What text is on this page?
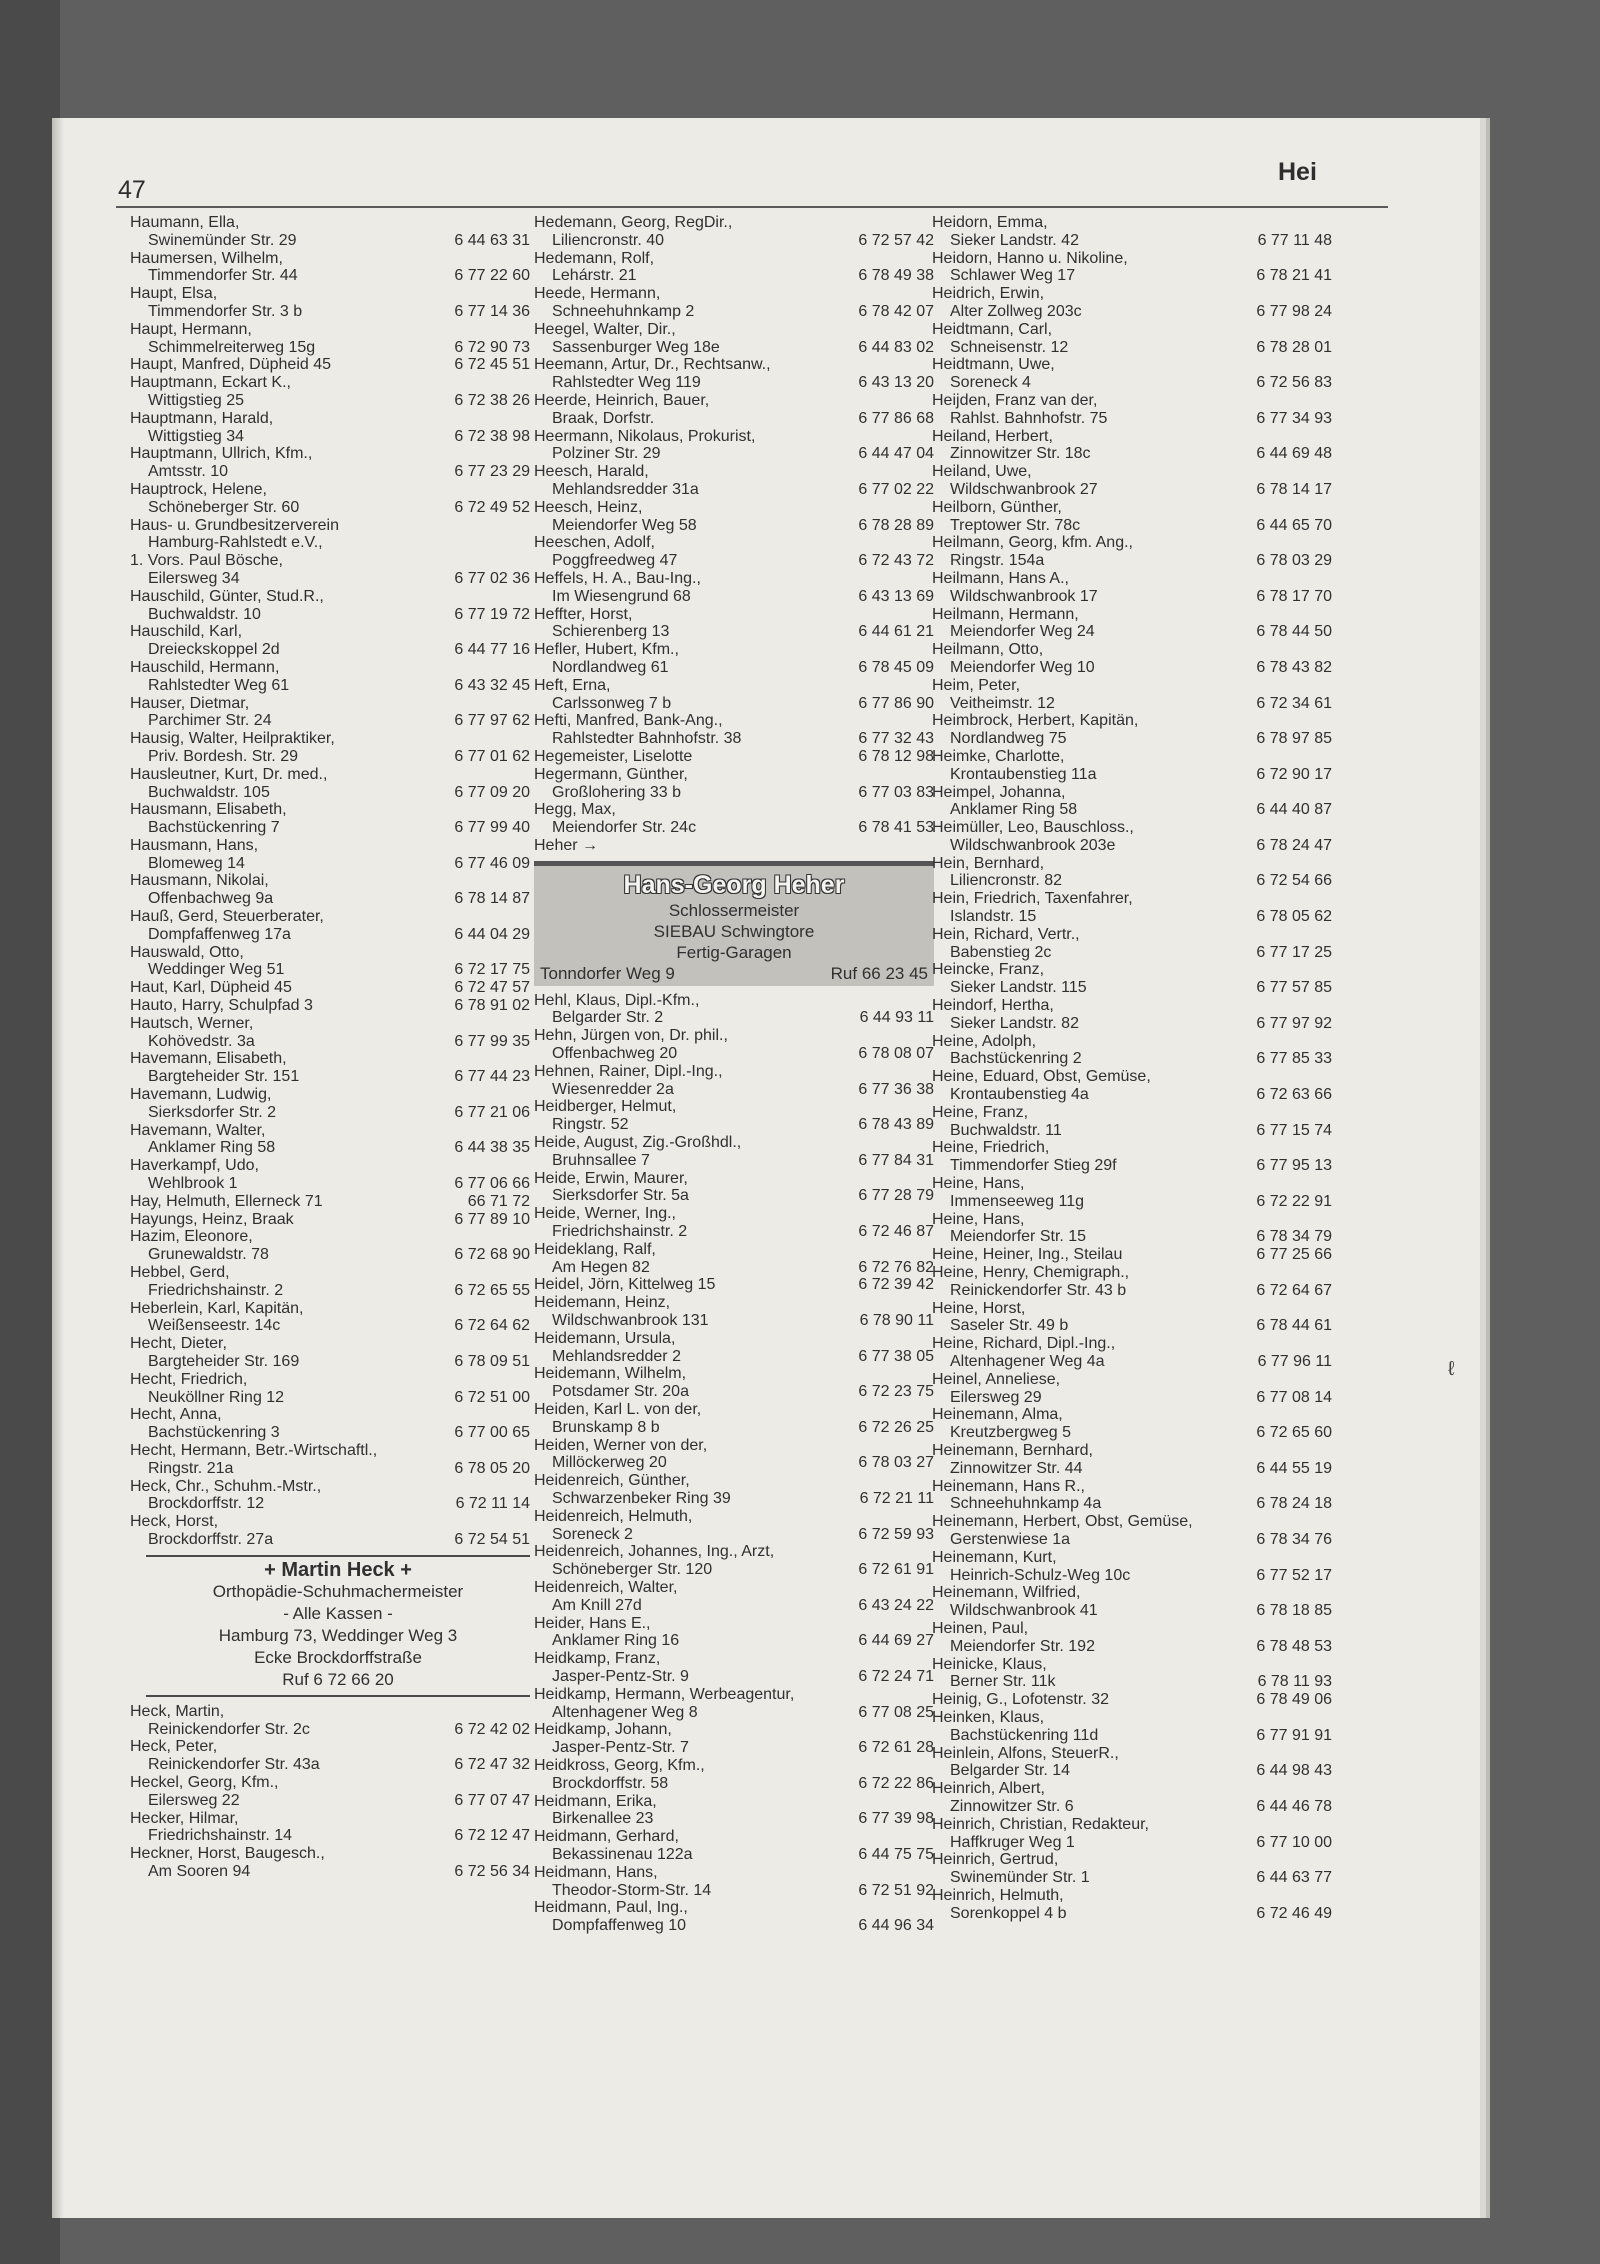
47
Hei
Haumann, Ella,
Swinemünder Str. 29	6 44 63 31
Haumersen, Wilhelm,
Timmendorfer Str. 44	6 77 22 60
Haupt, Elsa,
Timmendorfer Str. 3 b	6 77 14 36
Haupt, Hermann,
Schimmelreiterweg 15g	6 72 90 73
Haupt, Manfred, Düpheid 45	6 72 45 51
Hauptmann, Eckart K.,
Wittigstieg 25	6 72 38 26
Hauptmann, Harald,
Wittigstieg 34	6 72 38 98
Hauptmann, Ullrich, Kfm.,
Amtsstr. 10	6 77 23 29
Hauptrock, Helene,
Schöneberger Str. 60	6 72 49 52
Haus- u. Grundbesitzerverein
Hamburg-Rahlstedt e.V.,
1. Vors. Paul Bösche,
Eilersweg 34	6 77 02 36
Hauschild, Günter, Stud.R.,
Buchwaldstr. 10	6 77 19 72
Hauschild, Karl,
Dreieckskoppel 2d	6 44 77 16
Hauschild, Hermann,
Rahlstedter Weg 61	6 43 32 45
Hauser, Dietmar,
Parchimer Str. 24	6 77 97 62
Hausig, Walter, Heilpraktiker,
Priv. Bordesh. Str. 29	6 77 01 62
Hausleutner, Kurt, Dr. med.,
Buchwaldstr. 105	6 77 09 20
Hausmann, Elisabeth,
Bachstückenring 7	6 77 99 40
Hausmann, Hans,
Blomeweg 14	6 77 46 09
Hausmann, Nikolai,
Offenbachweg 9a	6 78 14 87
Hauß, Gerd, Steuerberater,
Dompfaffenweg 17a	6 44 04 29
Hauswald, Otto,
Weddinger Weg 51	6 72 17 75
Haut, Karl, Düpheid 45	6 72 47 57
Hauto, Harry, Schulpfad 3	6 78 91 02
Hautsch, Werner,
Kohövedstr. 3a	6 77 99 35
Havemann, Elisabeth,
Bargteheider Str. 151	6 77 44 23
Havemann, Ludwig,
Sierksdorfer Str. 2	6 77 21 06
Havemann, Walter,
Anklamer Ring 58	6 44 38 35
Haverkampf, Udo,
Wehlbrook 1	6 77 06 66
Hay, Helmuth, Ellerneck 71	66 71 72
Hayungs, Heinz, Braak	6 77 89 10
Hazim, Eleonore,
Grunewaldstr. 78	6 72 68 90
Hebbel, Gerd,
Friedrichshainstr. 2	6 72 65 55
Heberlein, Karl, Kapitän,
Weißenseestr. 14c	6 72 64 62
Hecht, Dieter,
Bargteheider Str. 169	6 78 09 51
Hecht, Friedrich,
Neuköllner Ring 12	6 72 51 00
Hecht, Anna,
Bachstückenring 3	6 77 00 65
Hecht, Hermann, Betr.-Wirtschaftl.,
Ringstr. 21a	6 78 05 20
Heck, Chr., Schuhm.-Mstr.,
Brockdorffstr. 12	6 72 11 14
Heck, Horst,
Brockdorffstr. 27a	6 72 54 51
+ Martin Heck +
Orthopädie-Schuhmachermeister
- Alle Kassen -
Hamburg 73, Weddinger Weg 3
Ecke Brockdorffstraße
Ruf 6 72 66 20
Heck, Martin,
Reinickendorfer Str. 2c	6 72 42 02
Heck, Peter,
Reinickendorfer Str. 43a	6 72 47 32
Heckel, Georg, Kfm.,
Eilersweg 22	6 77 07 47
Hecker, Hilmar,
Friedrichshainstr. 14	6 72 12 47
Heckner, Horst, Baugesch.,
Am Sooren 94	6 72 56 34
Hedemann, Georg, RegDir.,
Liliencronstr. 40	6 72 57 42
Hedemann, Rolf,
Lehárstr. 21	6 78 49 38
Heede, Hermann,
Schneehuhnkamp 2	6 78 42 07
Heegel, Walter, Dir.,
Sassenburger Weg 18e	6 44 83 02
Heemann, Artur, Dr., Rechtsanw.,
Rahlstedter Weg 119	6 43 13 20
Heerde, Heinrich, Bauer,
Braak, Dorfstr.	6 77 86 68
Heermann, Nikolaus, Prokurist,
Polziner Str. 29	6 44 47 04
Heesch, Harald,
Mehlandsredder 31a	6 77 02 22
Heesch, Heinz,
Meiendorfer Weg 58	6 78 28 89
Heeschen, Adolf,
Poggfreedweg 47	6 72 43 72
Heffels, H. A., Bau-Ing.,
Im Wiesengrund 68	6 43 13 69
Heffter, Horst,
Schierenberg 13	6 44 61 21
Hefler, Hubert, Kfm.,
Nordlandweg 61	6 78 45 09
Heft, Erna,
Carlssonweg 7 b	6 77 86 90
Hefti, Manfred, Bank-Ang.,
Rahlstedter Bahnhofstr. 38	6 77 32 43
Hegemeister, Liselotte	6 78 12 98
Hegermann, Günther,
Großlohering 33 b	6 77 03 83
Hegg, Max,
Meiendorfer Str. 24c	6 78 41 53
Heher →
Hans-Georg Heher
Schlossermeister
SIEBAU Schwingtore
Fertig-Garagen
Tonndorfer Weg 9	Ruf 66 23 45
Hehl, Klaus, Dipl.-Kfm.,
Belgarder Str. 2	6 44 93 11
Hehn, Jürgen von, Dr. phil.,
Offenbachweg 20	6 78 08 07
Hehnen, Rainer, Dipl.-Ing.,
Wiesenredder 2a	6 77 36 38
Heidberger, Helmut,
Ringstr. 52	6 78 43 89
Heide, August, Zig.-Großhdl.,
Bruhnsallee 7	6 77 84 31
Heide, Erwin, Maurer,
Sierksdorfer Str. 5a	6 77 28 79
Heide, Werner, Ing.,
Friedrichshainstr. 2	6 72 46 87
Heideklang, Ralf,
Am Hegen 82	6 72 76 82
Heidel, Jörn, Kittelweg 15	6 72 39 42
Heidemann, Heinz,
Wildschwanbrook 131	6 78 90 11
Heidemann, Ursula,
Mehlandsredder 2	6 77 38 05
Heidemann, Wilhelm,
Potsdamer Str. 20a	6 72 23 75
Heiden, Karl L. von der,
Brunskamp 8 b	6 72 26 25
Heiden, Werner von der,
Millöckerweg 20	6 78 03 27
Heidenreich, Günther,
Schwarzenbeker Ring 39	6 72 21 11
Heidenreich, Helmuth,
Soreneck 2	6 72 59 93
Heidenreich, Johannes, Ing., Arzt,
Schöneberger Str. 120	6 72 61 91
Heidenreich, Walter,
Am Knill 27d	6 43 24 22
Heider, Hans E.,
Anklamer Ring 16	6 44 69 27
Heidkamp, Franz,
Jasper-Pentz-Str. 9	6 72 24 71
Heidkamp, Hermann, Werbeagentur,
Altenhagener Weg 8	6 77 08 25
Heidkamp, Johann,
Jasper-Pentz-Str. 7	6 72 61 28
Heidkross, Georg, Kfm.,
Brockdorffstr. 58	6 72 22 86
Heidmann, Erika,
Birkenallee 23	6 77 39 98
Heidmann, Gerhard,
Bekassinenau 122a	6 44 75 75
Heidmann, Hans,
Theodor-Storm-Str. 14	6 72 51 92
Heidmann, Paul, Ing.,
Dompfaffenweg 10	6 44 96 34
Heidorn, Emma,
Sieker Landstr. 42	6 77 11 48
Heidorn, Hanno u. Nikoline,
Schlawer Weg 17	6 78 21 41
Heidrich, Erwin,
Alter Zollweg 203c	6 77 98 24
Heidtmann, Carl,
Schneisenstr. 12	6 78 28 01
Heidtmann, Uwe,
Soreneck 4	6 72 56 83
Heijden, Franz van der,
Rahlst. Bahnhofstr. 75	6 77 34 93
Heiland, Herbert,
Zinnowitzer Str. 18c	6 44 69 48
Heiland, Uwe,
Wildschwanbrook 27	6 78 14 17
Heilborn, Günther,
Treptower Str. 78c	6 44 65 70
Heilmann, Georg, kfm. Ang.,
Ringstr. 154a	6 78 03 29
Heilmann, Hans A.,
Wildschwanbrook 17	6 78 17 70
Heilmann, Hermann,
Meiendorfer Weg 24	6 78 44 50
Heilmann, Otto,
Meiendorfer Weg 10	6 78 43 82
Heim, Peter,
Veitheimstr. 12	6 72 34 61
Heimbrock, Herbert, Kapitän,
Nordlandweg 75	6 78 97 85
Heimke, Charlotte,
Krontaubenstieg 11a	6 72 90 17
Heimpel, Johanna,
Anklamer Ring 58	6 44 40 87
Heimüller, Leo, Bauschloss.,
Wildschwanbrook 203e	6 78 24 47
Hein, Bernhard,
Liliencronstr. 82	6 72 54 66
Hein, Friedrich, Taxenfahrer,
Islandstr. 15	6 78 05 62
Hein, Richard, Vertr.,
Babenstieg 2c	6 77 17 25
Heincke, Franz,
Sieker Landstr. 115	6 77 57 85
Heindorf, Hertha,
Sieker Landstr. 82	6 77 97 92
Heine, Adolph,
Bachstückenring 2	6 77 85 33
Heine, Eduard, Obst, Gemüse,
Krontaubenstieg 4a	6 72 63 66
Heine, Franz,
Buchwaldstr. 11	6 77 15 74
Heine, Friedrich,
Timmendorfer Stieg 29f	6 77 95 13
Heine, Hans,
Immenseeweg 11g	6 72 22 91
Heine, Hans,
Meiendorfer Str. 15	6 78 34 79
Heine, Heiner, Ing., Steilau	6 77 25 66
Heine, Henry, Chemigraph.,
Reinickendorfer Str. 43 b	6 72 64 67
Heine, Horst,
Saseler Str. 49 b	6 78 44 61
Heine, Richard, Dipl.-Ing.,
Altenhagener Weg 4a	6 77 96 11
Heinel, Anneliese,
Eilersweg 29	6 77 08 14
Heinemann, Alma,
Kreutzbergweg 5	6 72 65 60
Heinemann, Bernhard,
Zinnowitzer Str. 44	6 44 55 19
Heinemann, Hans R.,
Schneehuhnkamp 4a	6 78 24 18
Heinemann, Herbert, Obst, Gemüse,
Gerstenwiese 1a	6 78 34 76
Heinemann, Kurt,
Heinrich-Schulz-Weg 10c	6 77 52 17
Heinemann, Wilfried,
Wildschwanbrook 41	6 78 18 85
Heinen, Paul,
Meiendorfer Str. 192	6 78 48 53
Heinicke, Klaus,
Berner Str. 11k	6 78 11 93
Heinig, G., Lofotenstr. 32	6 78 49 06
Heinken, Klaus,
Bachstückenring 11d	6 77 91 91
Heinlein, Alfons, SteuerR.,
Belgarder Str. 14	6 44 98 43
Heinrich, Albert,
Zinnowitzer Str. 6	6 44 46 78
Heinrich, Christian, Redakteur,
Haffkruger Weg 1	6 77 10 00
Heinrich, Gertrud,
Swinemünder Str. 1	6 44 63 77
Heinrich, Helmuth,
Sorenkoppel 4 b	6 72 46 49
ℓ
